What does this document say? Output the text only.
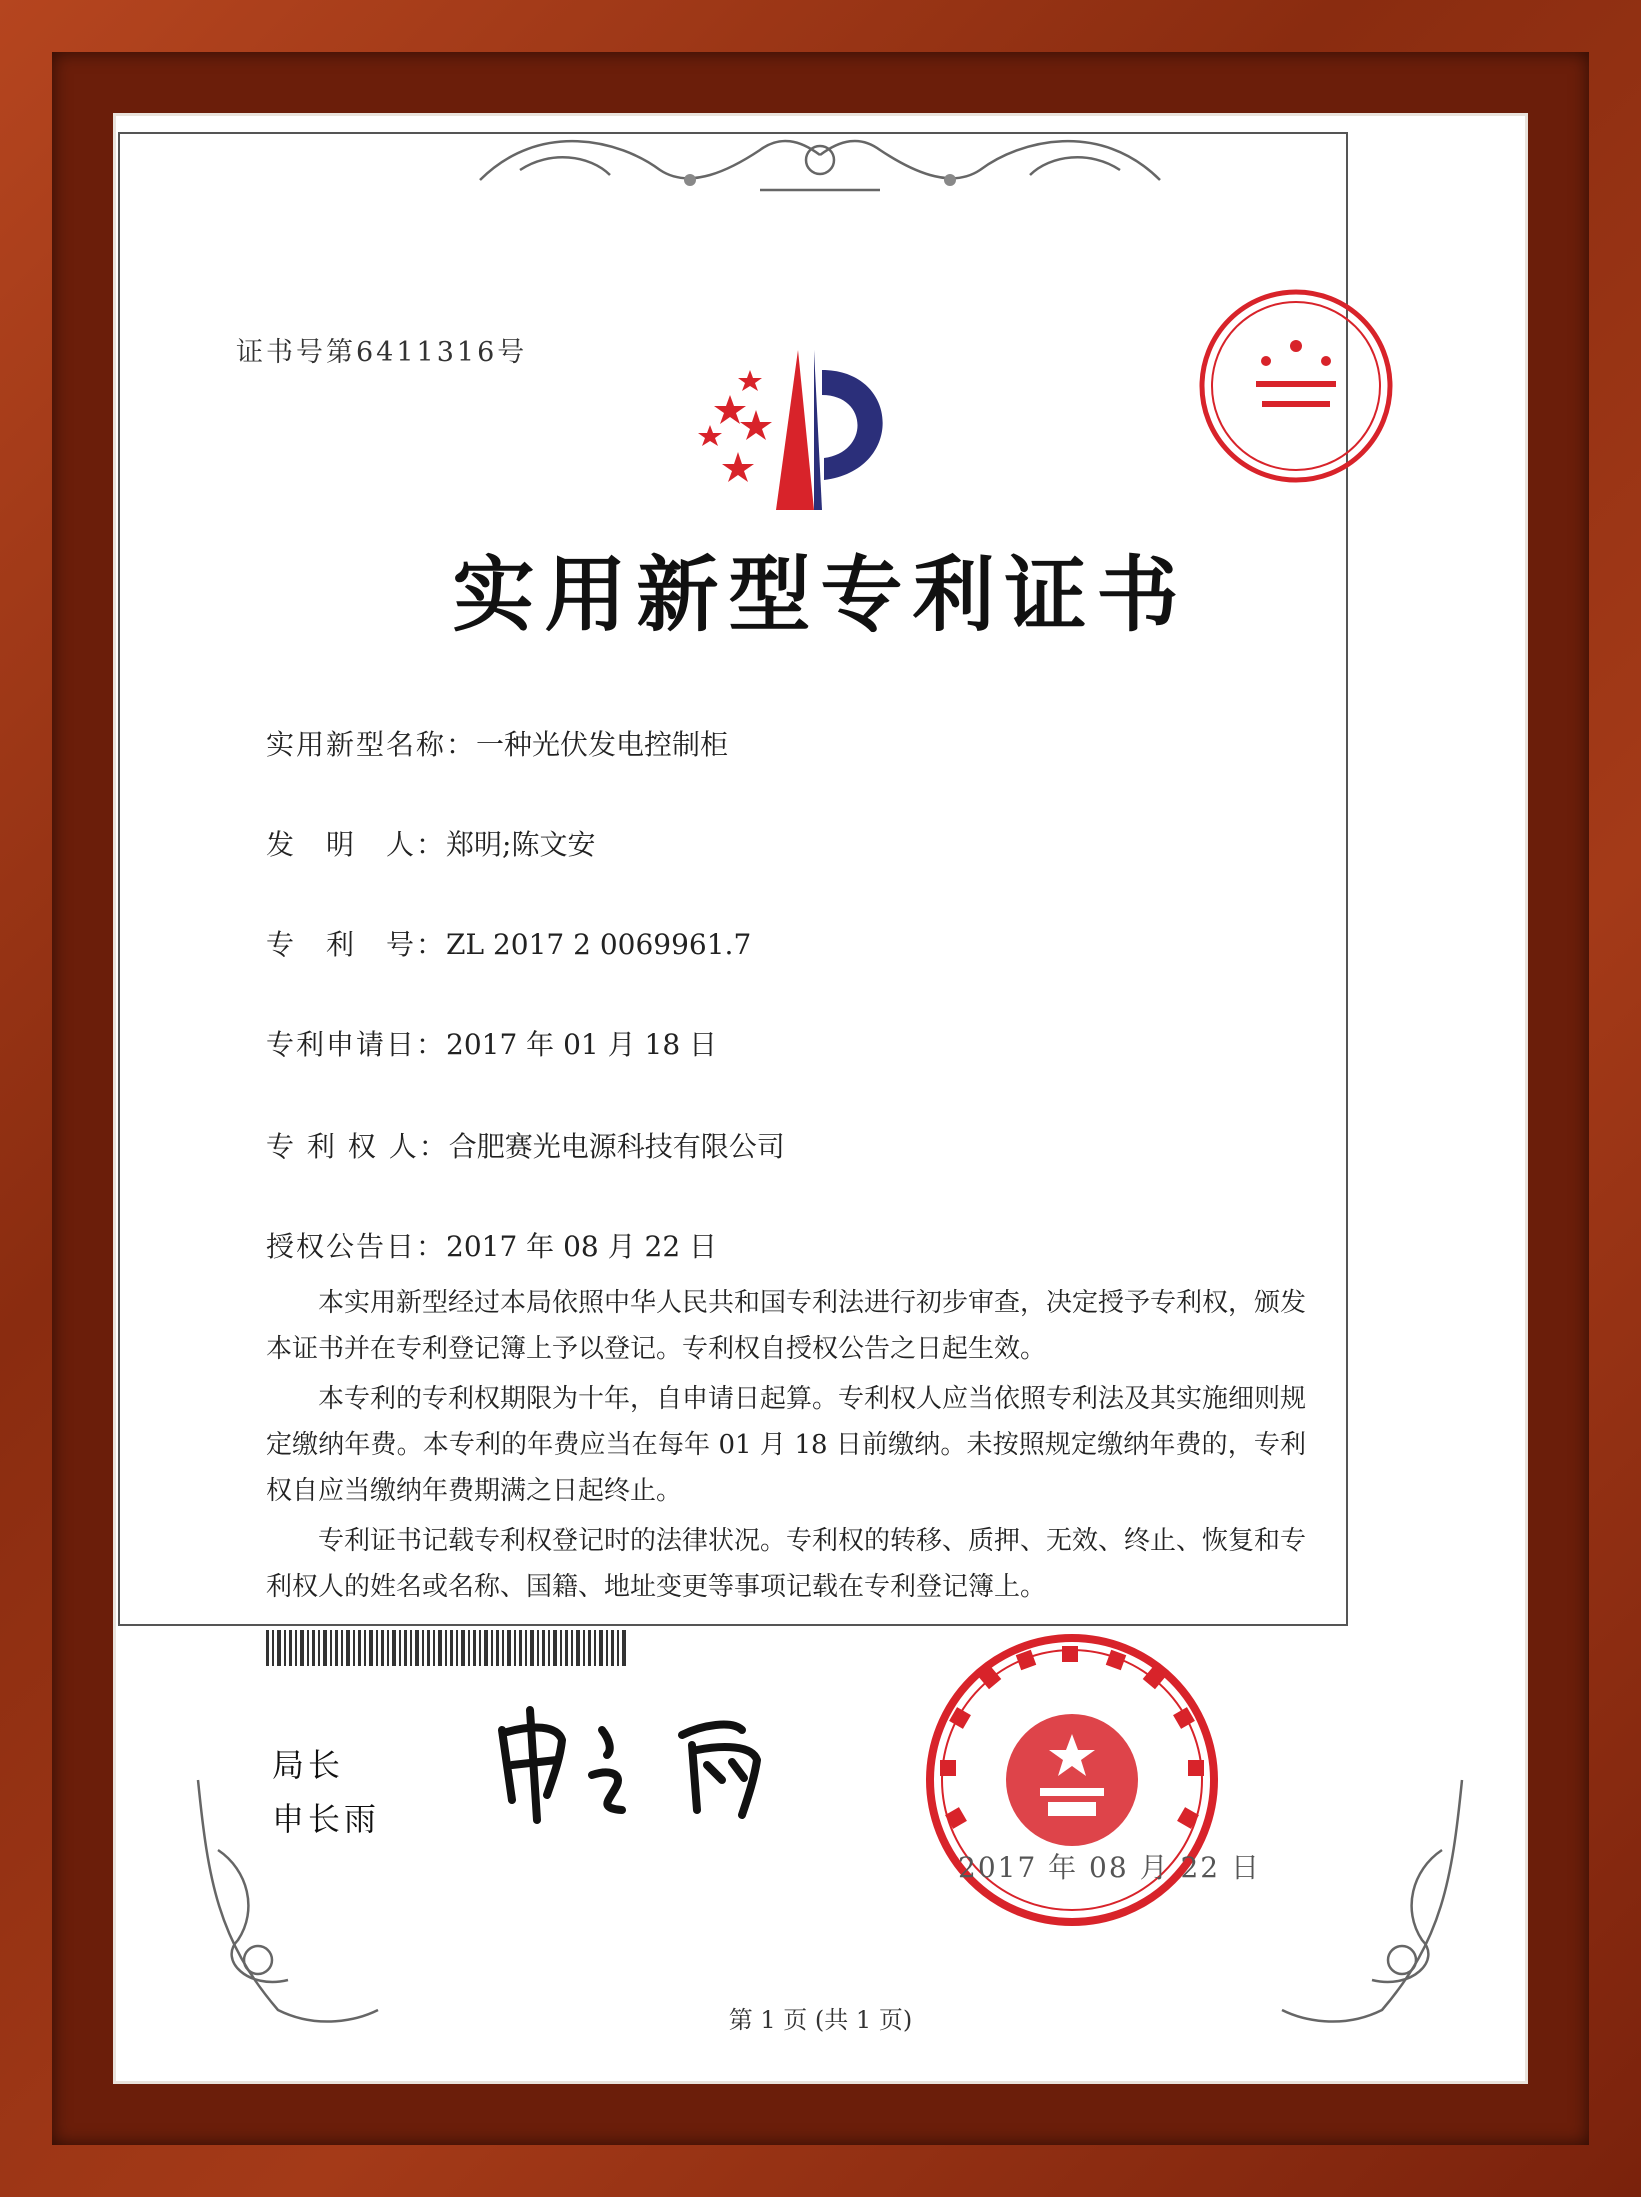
证书号第6411316号
实用新型专利证书
实用新型名称：一种光伏发电控制柜
发　明　人：郑明;陈文安
专　利　号：ZL 2017 2 0069961.7
专利申请日：2017 年 01 月 18 日
专 利 权 人：合肥赛光电源科技有限公司
授权公告日：2017 年 08 月 22 日

本实用新型经过本局依照中华人民共和国专利法进行初步审查，决定授予专利权，颁发本证书并在专利登记簿上予以登记。专利权自授权公告之日起生效。

本专利的专利权期限为十年，自申请日起算。专利权人应当依照专利法及其实施细则规定缴纳年费。本专利的年费应当在每年 01 月 18 日前缴纳。未按照规定缴纳年费的，专利权自应当缴纳年费期满之日起终止。

专利证书记载专利权登记时的法律状况。专利权的转移、质押、无效、终止、恢复和专利权人的姓名或名称、国籍、地址变更等事项记载在专利登记簿上。

局长
申长雨
2017 年 08 月 22 日
第 1 页 (共 1 页)
